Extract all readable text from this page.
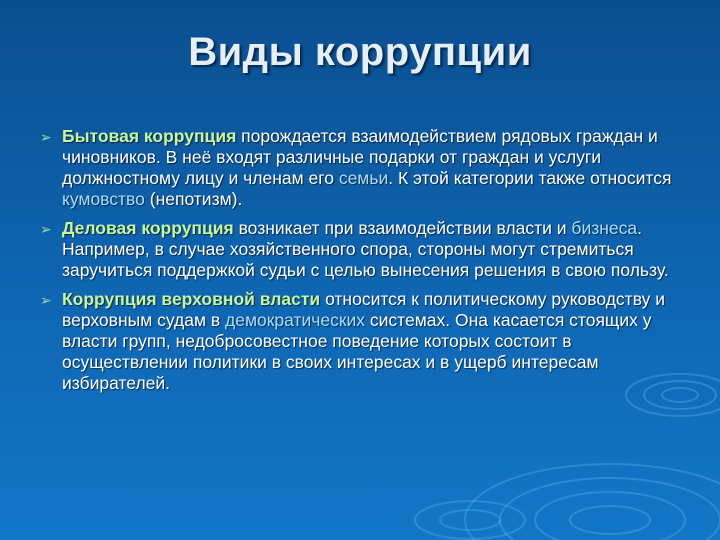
Виды коррупции
➢ Бытовая коррупция порождается взаимодействием рядовых граждан и чиновников. В неё входят различные подарки от граждан и услуги должностному лицу и членам его семьи. К этой категории также относится кумовство (непотизм).
➢ Деловая коррупция возникает при взаимодействии власти и бизнеса. Например, в случае хозяйственного спора, стороны могут стремиться заручиться поддержкой судьи с целью вынесения решения в свою пользу.
➢ Коррупция верховной власти относится к политическому руководству и верховным судам в демократических системах. Она касается стоящих у власти групп, недобросовестное поведение которых состоит в осуществлении политики в своих интересах и в ущерб интересам избирателей.
